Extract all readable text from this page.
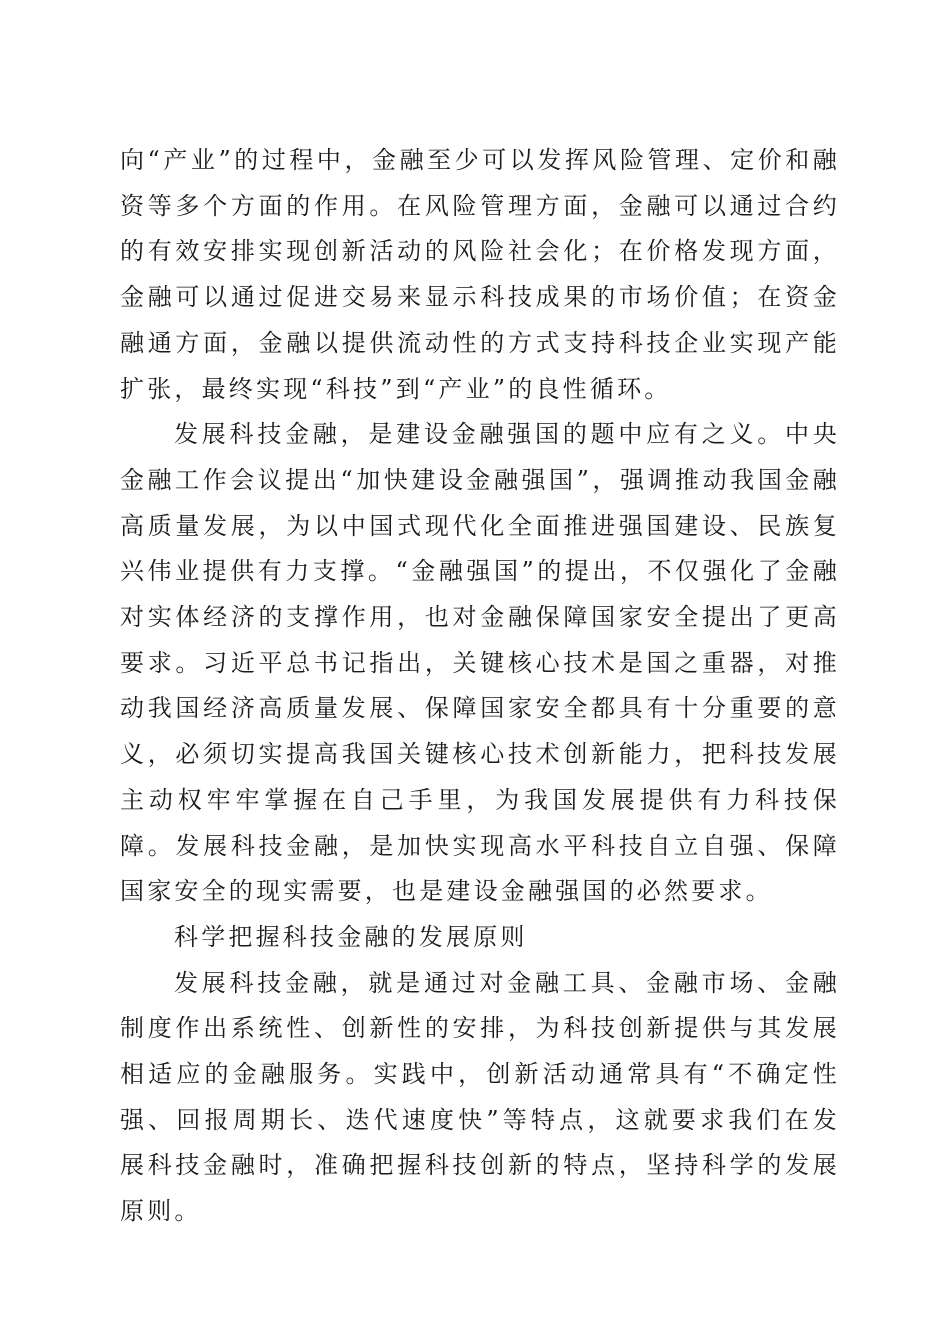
向“产业”的过程中，金融至少可以发挥风险管理、定价和融资等多个方面的作用。在风险管理方面，金融可以通过合约的有效安排实现创新活动的风险社会化；在价格发现方面，金融可以通过促进交易来显示科技成果的市场价值；在资金融通方面，金融以提供流动性的方式支持科技企业实现产能扩张，最终实现“科技”到“产业”的良性循环。

发展科技金融，是建设金融强国的题中应有之义。中央金融工作会议提出“加快建设金融强国”，强调推动我国金融高质量发展，为以中国式现代化全面推进强国建设、民族复兴伟业提供有力支撑。“金融强国”的提出，不仅强化了金融对实体经济的支撑作用，也对金融保障国家安全提出了更高要求。习近平总书记指出，关键核心技术是国之重器，对推动我国经济高质量发展、保障国家安全都具有十分重要的意义，必须切实提高我国关键核心技术创新能力，把科技发展主动权牢牢掌握在自己手里，为我国发展提供有力科技保障。发展科技金融，是加快实现高水平科技自立自强、保障国家安全的现实需要，也是建设金融强国的必然要求。

科学把握科技金融的发展原则

发展科技金融，就是通过对金融工具、金融市场、金融制度作出系统性、创新性的安排，为科技创新提供与其发展相适应的金融服务。实践中，创新活动通常具有“不确定性强、回报周期长、迭代速度快”等特点，这就要求我们在发展科技金融时，准确把握科技创新的特点，坚持科学的发展原则。
